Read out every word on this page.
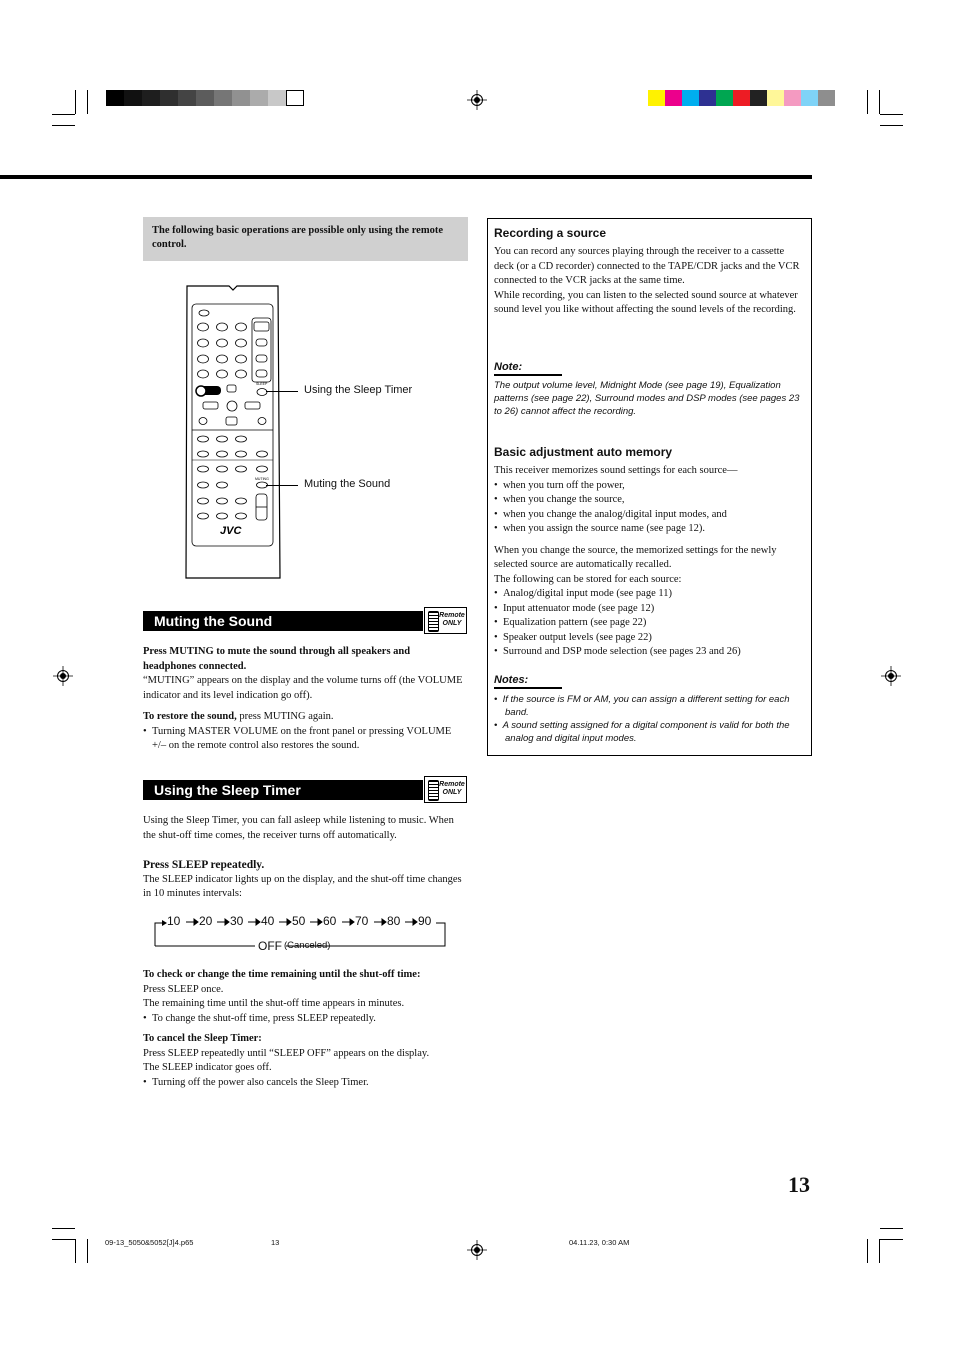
The following basic operations are possible only using the remote control.

SLEEP
MUTING
JVC
Using the Sleep Timer
Muting the Sound
Muting the Sound	Remote
ONLY

Press MUTING to mute the sound through all speakers and headphones connected.

“MUTING” appears on the display and the volume turns off (the VOLUME indicator and its level indication go off).

To restore the sound, press MUTING again.

•  Turning MASTER VOLUME on the front panel or pressing VOLUME +/– on the remote control also restores the sound.

Using the Sleep Timer	Remote
ONLY
Using the Sleep Timer, you can fall asleep while listening to music. When the shut-off time comes, the receiver turns off automatically.

Press SLEEP repeatedly.

The SLEEP indicator lights up on the display, and the shut-off time changes in 10 minutes intervals:

10 20 30 40 50 60 70 80 90
OFF (Canceled)

To check or change the time remaining until the shut-off time:

Press SLEEP once.

The remaining time until the shut-off time appears in minutes.

•  To change the shut-off time, press SLEEP repeatedly.

To cancel the Sleep Timer:

Press SLEEP repeatedly until “SLEEP OFF” appears on the display.

The SLEEP indicator goes off.

•  Turning off the power also cancels the Sleep Timer.

Recording a source

You can record any sources playing through the receiver to a cassette deck (or a CD recorder) connected to the TAPE/CDR jacks and the VCR connected to the VCR jacks at the same time.

While recording, you can listen to the selected sound source at whatever sound level you like without affecting the sound levels of the recording.

Note:
The output volume level, Midnight Mode (see page 19), Equalization patterns (see page 22), Surround modes and DSP modes (see pages 23 to 26) cannot affect the recording.
Basic adjustment auto memory

This receiver memorizes sound settings for each source—

•  when you turn off the power,

•  when you change the source,

•  when you change the analog/digital input modes, and

•  when you assign the source name (see page 12).

When you change the source, the memorized settings for the newly selected source are automatically recalled.

The following can be stored for each source:

•  Analog/digital input mode (see page 11)

•  Input attenuator mode (see page 12)

•  Equalization pattern (see page 22)

•  Speaker output levels (see page 22)

•  Surround and DSP mode selection (see pages 23 and 26)

Notes:
•  If the source is FM or AM, you can assign a different setting for each band.
•  A sound setting assigned for a digital component is valid for both the analog and digital input modes.
13
09-13_5050&5052[J]4.p65	13	04.11.23, 0:30 AM
